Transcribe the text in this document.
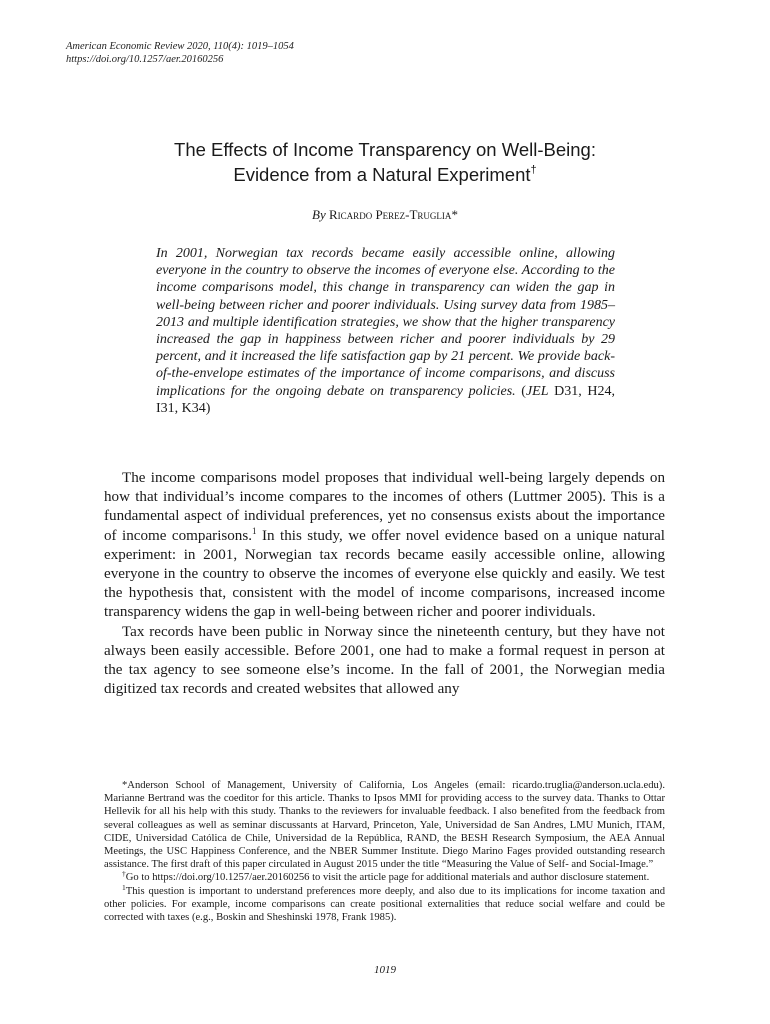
American Economic Review 2020, 110(4): 1019–1054
https://doi.org/10.1257/aer.20160256
The Effects of Income Transparency on Well-Being:
Evidence from a Natural Experiment†
By Ricardo Perez-Truglia*
In 2001, Norwegian tax records became easily accessible online, allowing everyone in the country to observe the incomes of everyone else. According to the income comparisons model, this change in transparency can widen the gap in well-being between richer and poorer individuals. Using survey data from 1985–2013 and multiple identification strategies, we show that the higher transparency increased the gap in happiness between richer and poorer individuals by 29 percent, and it increased the life satisfaction gap by 21 percent. We provide back-of-the-envelope estimates of the importance of income comparisons, and discuss implications for the ongoing debate on transparency policies. (JEL D31, H24, I31, K34)

The income comparisons model proposes that individual well-being largely depends on how that individual’s income compares to the incomes of others (Luttmer 2005). This is a fundamental aspect of individual preferences, yet no consensus exists about the importance of income comparisons.$^1$ In this study, we offer novel evidence based on a unique natural experiment: in 2001, Norwegian tax records became easily accessible online, allowing everyone in the country to observe the incomes of everyone else quickly and easily. We test the hypothesis that, consistent with the model of income comparisons, increased income transparency widens the gap in well-being between richer and poorer individuals.

Tax records have been public in Norway since the nineteenth century, but they have not always been easily accessible. Before 2001, one had to make a formal request in person at the tax agency to see someone else’s income. In the fall of 2001, the Norwegian media digitized tax records and created websites that allowed any

*Anderson School of Management, University of California, Los Angeles (email: ricardo.truglia@anderson.ucla.edu). Marianne Bertrand was the coeditor for this article. Thanks to Ipsos MMI for providing access to the survey data. Thanks to Ottar Hellevik for all his help with this study. Thanks to the reviewers for invaluable feedback. I also benefited from the feedback from several colleagues as well as seminar discussants at Harvard, Princeton, Yale, Universidad de San Andres, LMU Munich, ITAM, CIDE, Universidad Católica de Chile, Universidad de la República, RAND, the BESH Research Symposium, the AEA Annual Meetings, the USC Happiness Conference, and the NBER Summer Institute. Diego Marino Fages provided outstanding research assistance. The first draft of this paper circulated in August 2015 under the title “Measuring the Value of Self- and Social-Image.”

†Go to https://doi.org/10.1257/aer.20160256 to visit the article page for additional materials and author disclosure statement.

$^1$This question is important to understand preferences more deeply, and also due to its implications for income taxation and other policies. For example, income comparisons can create positional externalities that reduce social welfare and could be corrected with taxes (e.g., Boskin and Sheshinski 1978, Frank 1985).

1019
